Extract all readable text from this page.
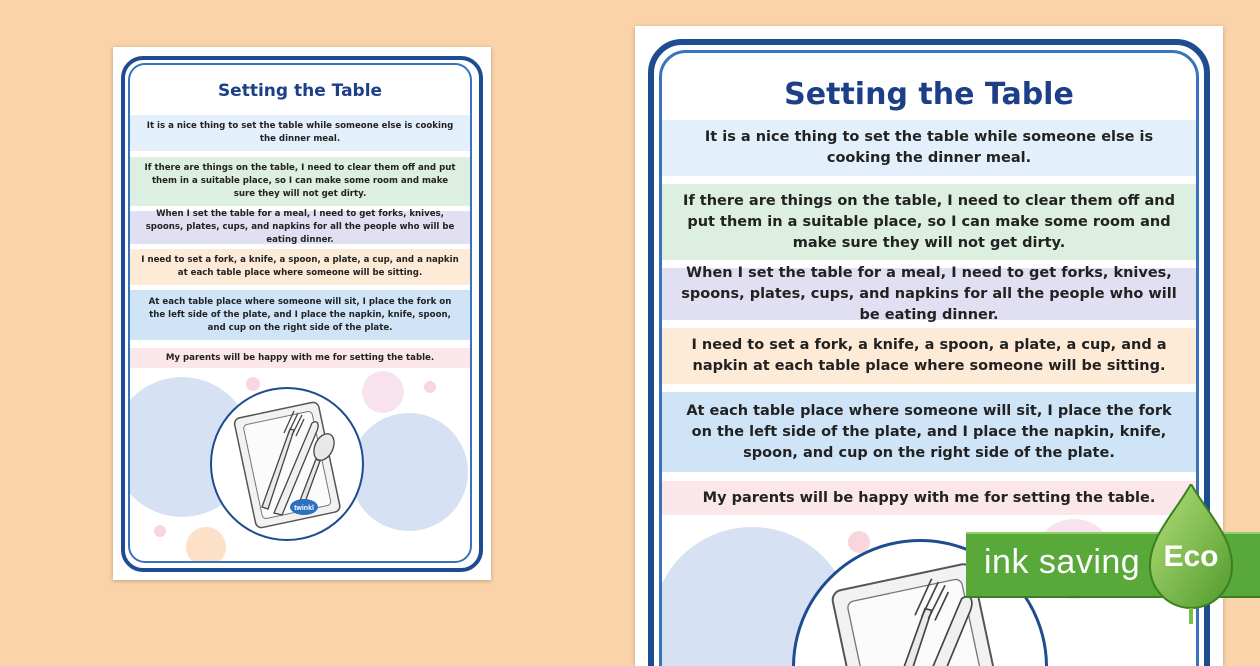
Setting the Table
It is a nice thing to set the table while someone else is cooking the dinner meal.
If there are things on the table, I need to clear them off and put them in a suitable place, so I can make some room and make sure they will not get dirty.
When I set the table for a meal, I need to get forks, knives, spoons, plates, cups, and napkins for all the people who will be eating dinner.
I need to set a fork, a knife, a spoon, a plate, a cup, and a napkin at each table place where someone will be sitting.
At each table place where someone will sit, I place the fork on the left side of the plate, and I place the napkin, knife, spoon, and cup on the right side of the plate.
My parents will be happy with me for setting the table.
twinkl
Setting the Table
It is a nice thing to set the table while someone else is cooking the dinner meal.
If there are things on the table, I need to clear them off and put them in a suitable place, so I can make some room and make sure they will not get dirty.
When I set the table for a meal, I need to get forks, knives, spoons, plates, cups, and napkins for all the people who will be eating dinner.
I need to set a fork, a knife, a spoon, a plate, a cup, and a napkin at each table place where someone will be sitting.
At each table place where someone will sit, I place the fork on the left side of the plate, and I place the napkin, knife, spoon, and cup on the right side of the plate.
My parents will be happy with me for setting the table.
ink saving Eco
